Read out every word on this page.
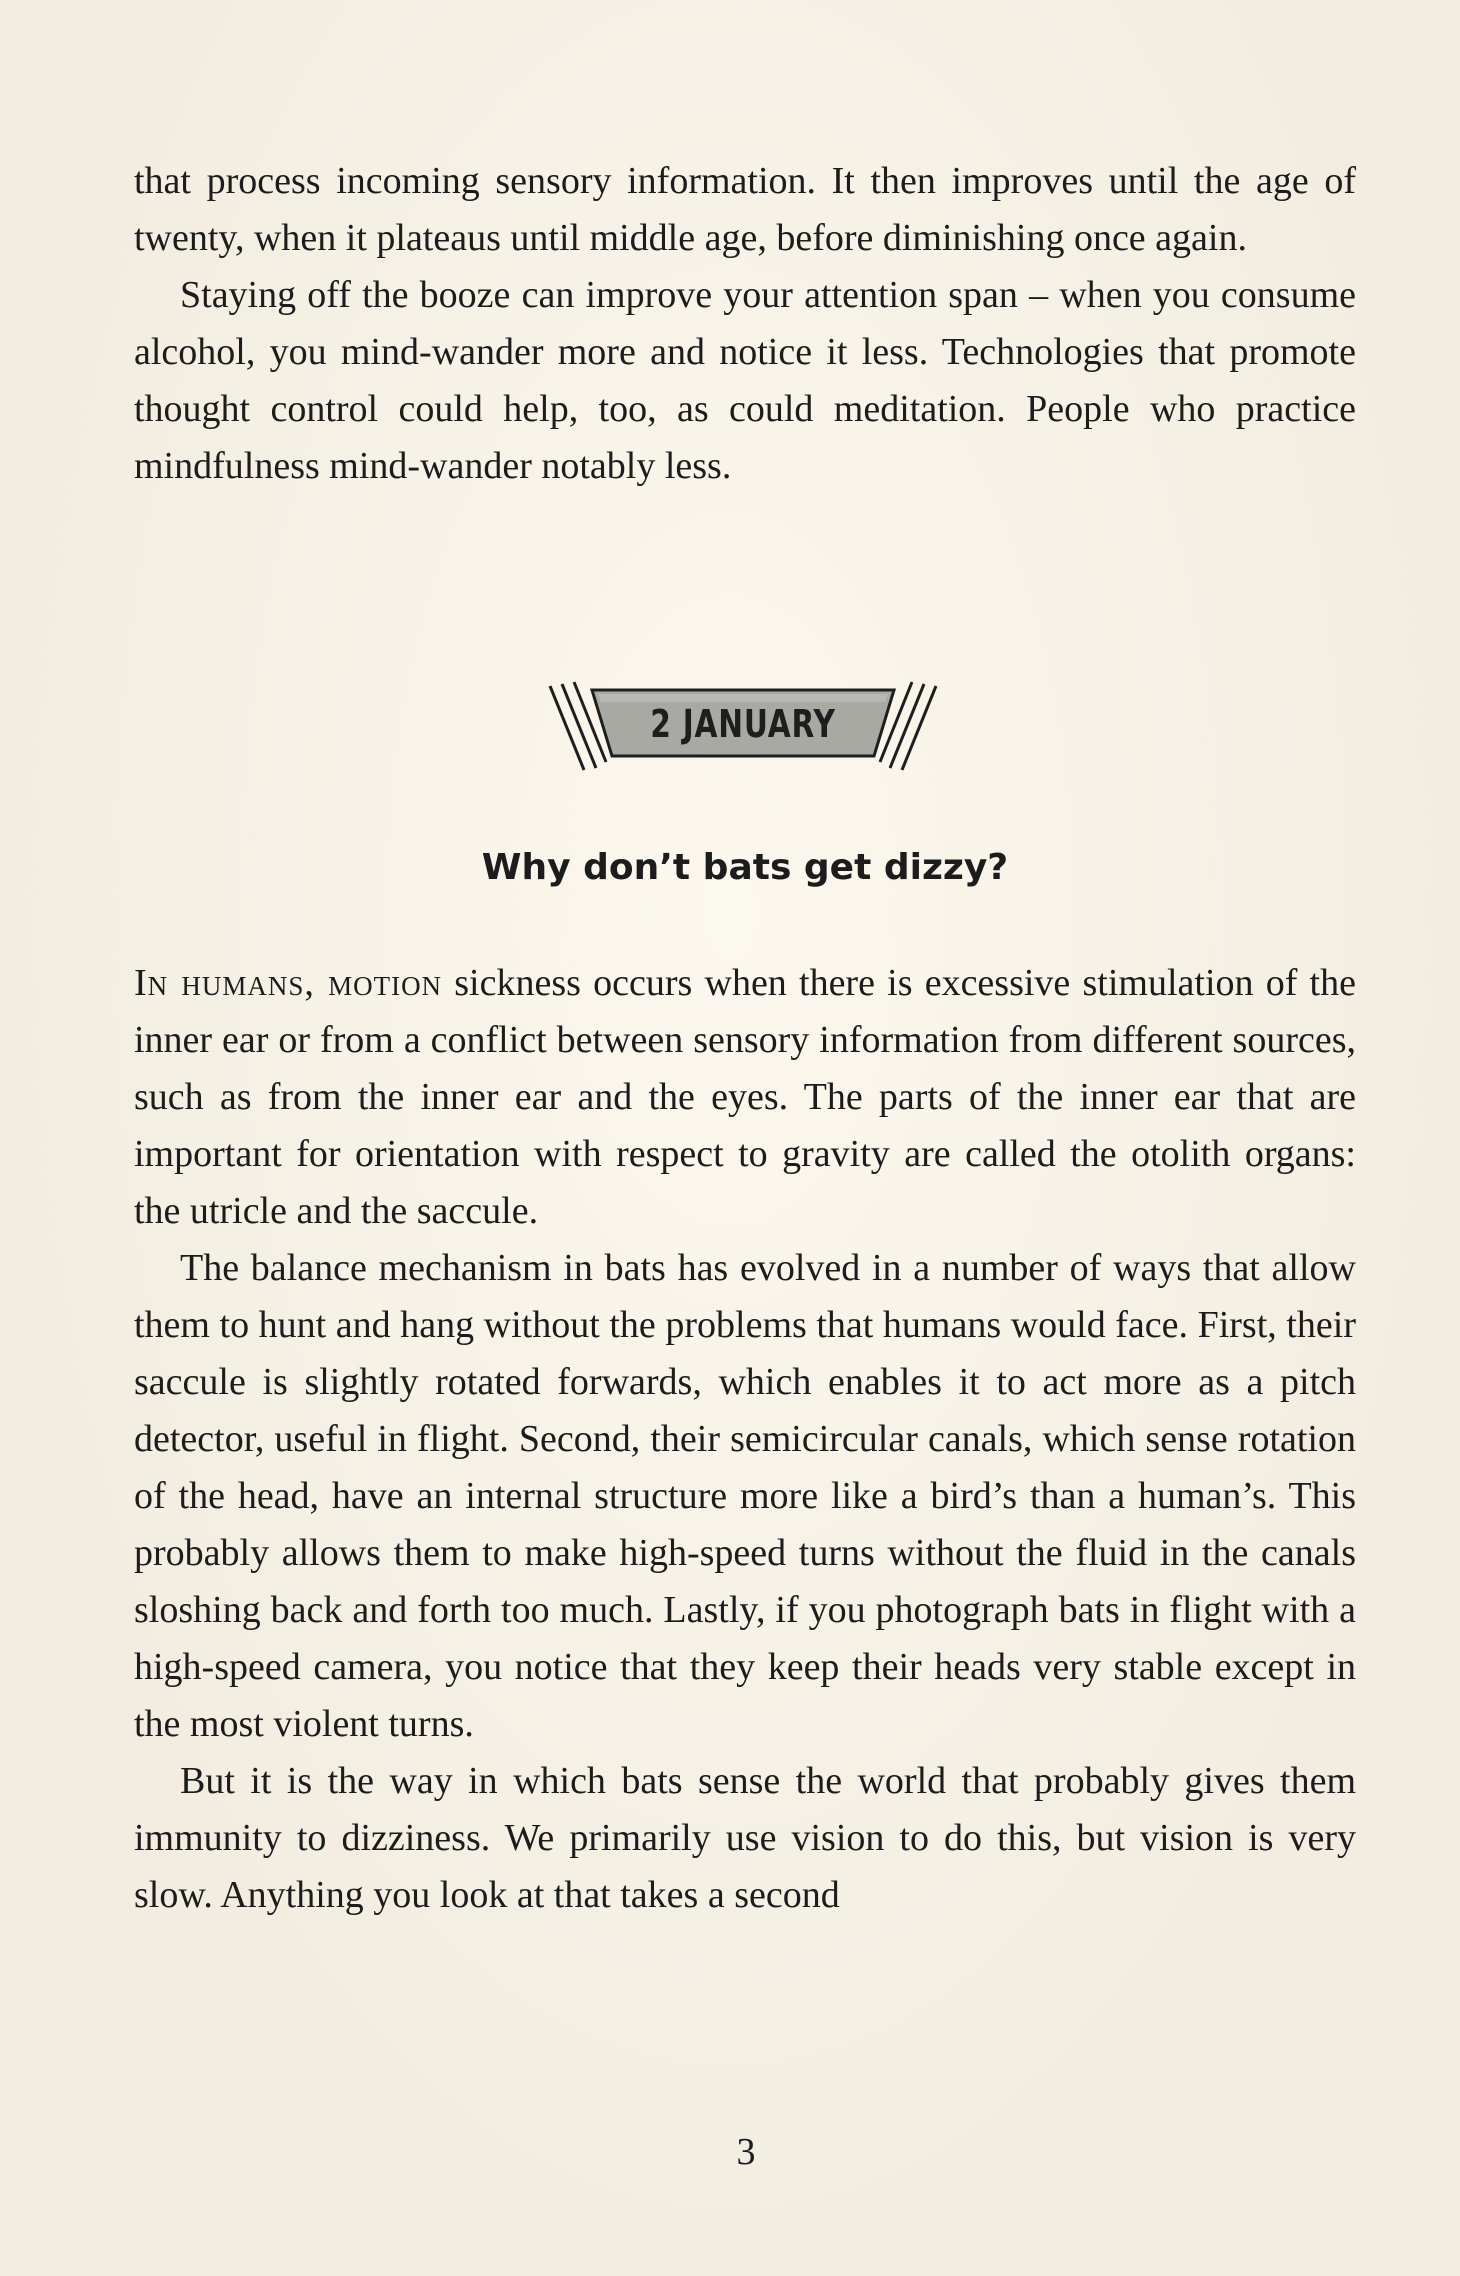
that process incoming sensory information. It then improves until the age of twenty, when it plateaus until middle age, before diminishing once again.

Staying off the booze can improve your attention span – when you consume alcohol, you mind-wander more and notice it less. Technologies that promote thought control could help, too, as could meditation. People who practice mindfulness mind-wander notably less.

2 JANUARY
Why don’t bats get dizzy?

In humans, motion sickness occurs when there is excessive stimulation of the inner ear or from a conflict between sensory information from different sources, such as from the inner ear and the eyes. The parts of the inner ear that are important for orientation with respect to gravity are called the otolith organs: the utricle and the saccule.

The balance mechanism in bats has evolved in a number of ways that allow them to hunt and hang without the problems that humans would face. First, their saccule is slightly rotated forwards, which enables it to act more as a pitch detector, useful in flight. Second, their semicircular canals, which sense rotation of the head, have an internal structure more like a bird’s than a human’s. This probably allows them to make high-speed turns without the fluid in the canals sloshing back and forth too much. Lastly, if you photograph bats in flight with a high-speed camera, you notice that they keep their heads very stable except in the most violent turns.

But it is the way in which bats sense the world that probably gives them immunity to dizziness. We primarily use vision to do this, but vision is very slow. Anything you look at that takes a second

3
